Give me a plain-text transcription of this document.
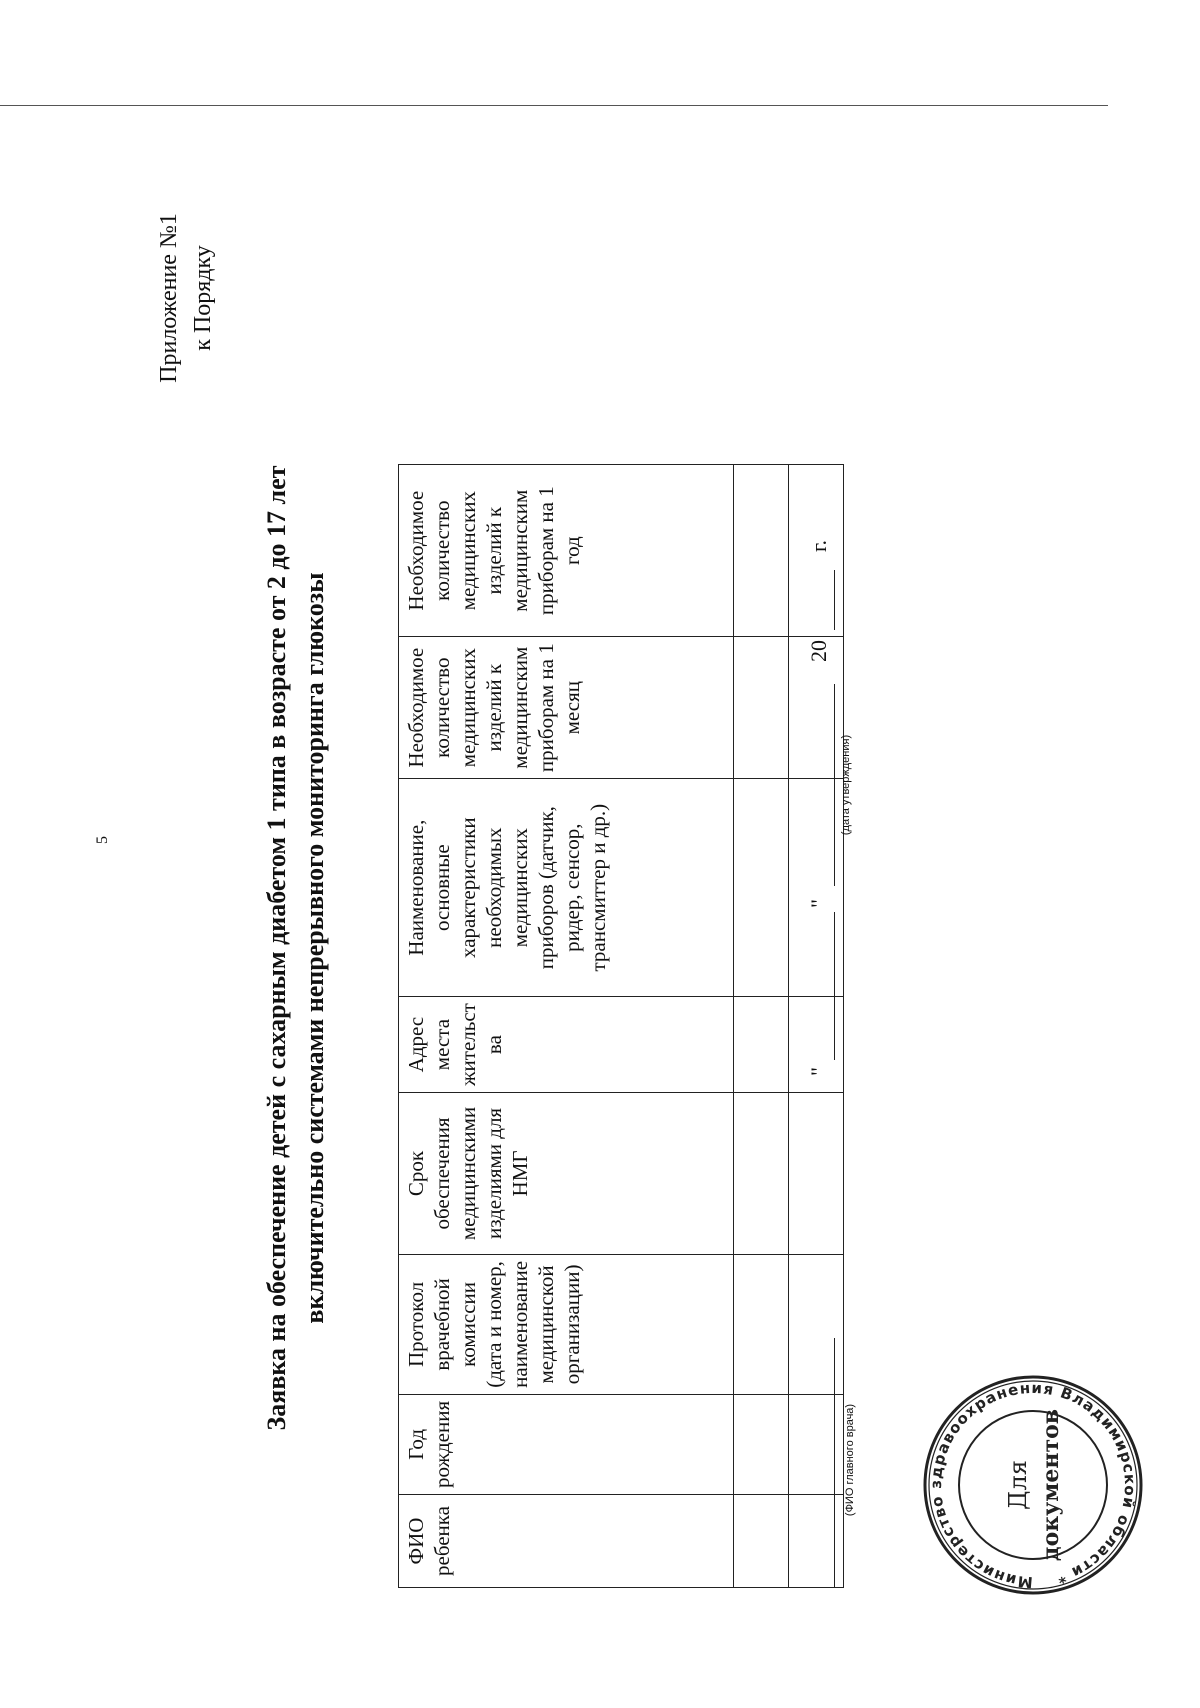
5
Приложение №1 к Порядку
Заявка на обеспечение детей с сахарным диабетом 1 типа в возрасте от 2 до 17 лет включительно системами непрерывного мониторинга глюкозы
ФИО ребенка	Год рождения	Протокол врачебной комиссии (дата и номер, наименование медицинской организации)	Срок обеспечения медицинскими изделиями для НМГ	Адрес места жительст ва	Наименование, основные характеристики необходимых медицинских приборов (датчик, ридер, сенсор, трансмиттер и др.)	Необходимое количество медицинских изделий к медицинским приборам на 1 месяц	Необходимое количество медицинских изделий к медицинским приборам на 1 год

"
"
20
г.
(дата утверждения)
(ФИО главного врача)
Министерство здравоохранения Владимирской области *
Для документов
